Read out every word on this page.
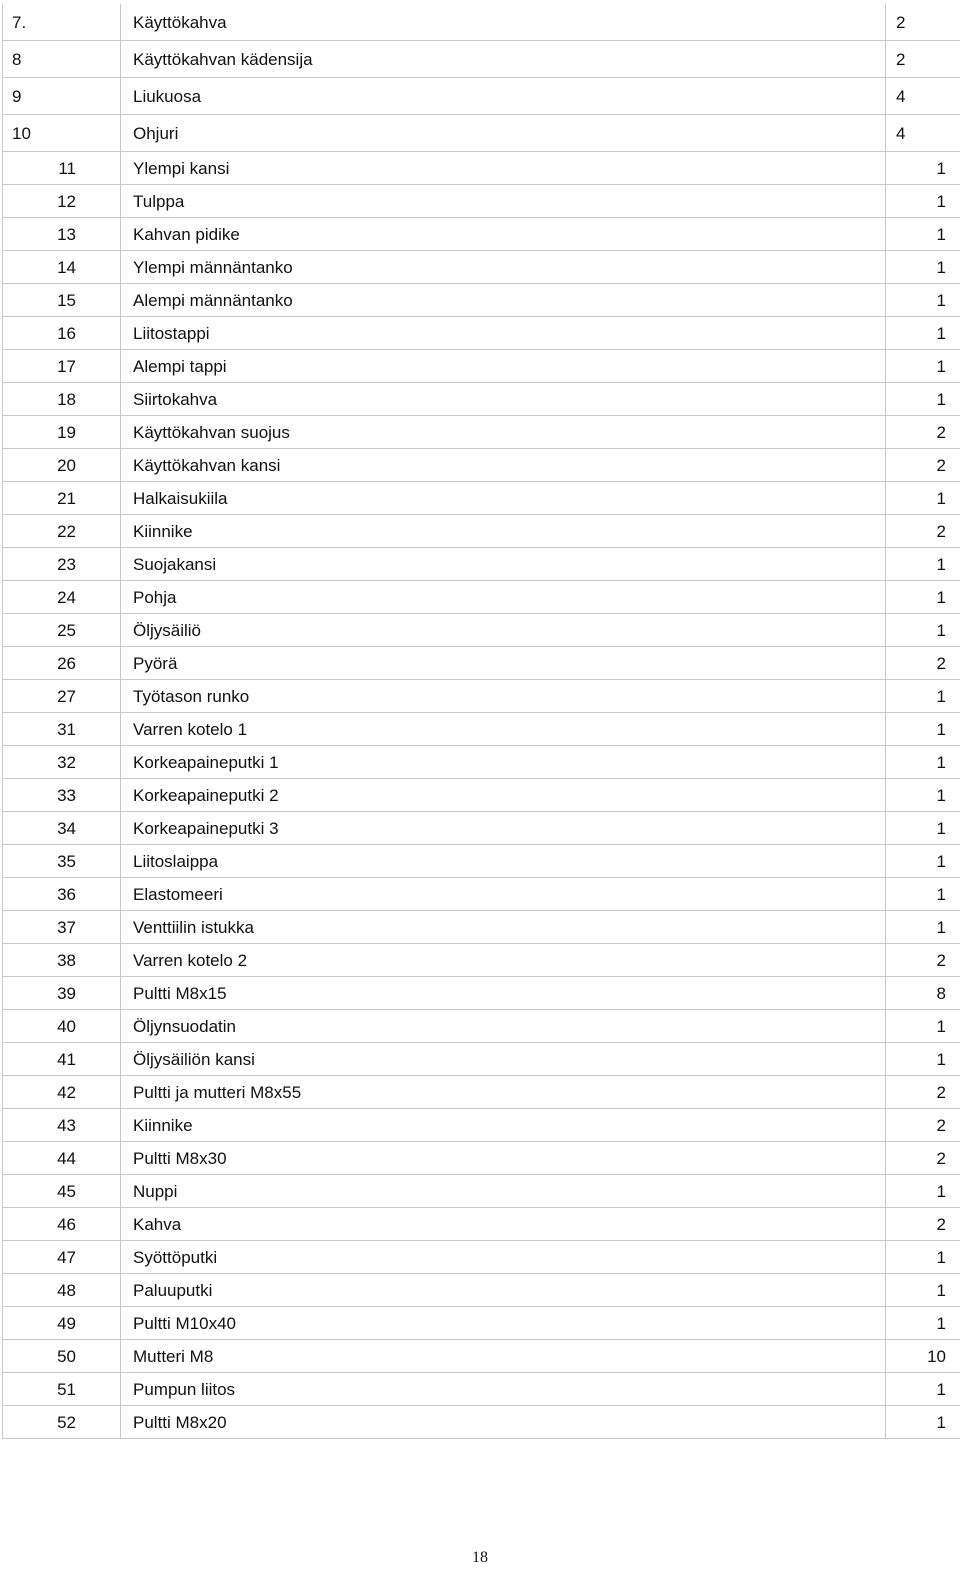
7.	Käyttökahva	2
8	Käyttökahvan kädensija	2
9	Liukuosa	4
10	Ohjuri	4
11	Ylempi kansi	1
12	Tulppa	1
13	Kahvan pidike	1
14	Ylempi männäntanko	1
15	Alempi männäntanko	1
16	Liitostappi	1
17	Alempi tappi	1
18	Siirtokahva	1
19	Käyttökahvan suojus	2
20	Käyttökahvan kansi	2
21	Halkaisukiila	1
22	Kiinnike	2
23	Suojakansi	1
24	Pohja	1
25	Öljysäiliö	1
26	Pyörä	2
27	Työtason runko	1
31	Varren kotelo 1	1
32	Korkeapaineputki 1	1
33	Korkeapaineputki 2	1
34	Korkeapaineputki 3	1
35	Liitoslaippa	1
36	Elastomeeri	1
37	Venttiilin istukka	1
38	Varren kotelo 2	2
39	Pultti M8x15	8
40	Öljynsuodatin	1
41	Öljysäiliön kansi	1
42	Pultti ja mutteri M8x55	2
43	Kiinnike	2
44	Pultti M8x30	2
45	Nuppi	1
46	Kahva	2
47	Syöttöputki	1
48	Paluuputki	1
49	Pultti M10x40	1
50	Mutteri M8	10
51	Pumpun liitos	1
52	Pultti M8x20	1
18
